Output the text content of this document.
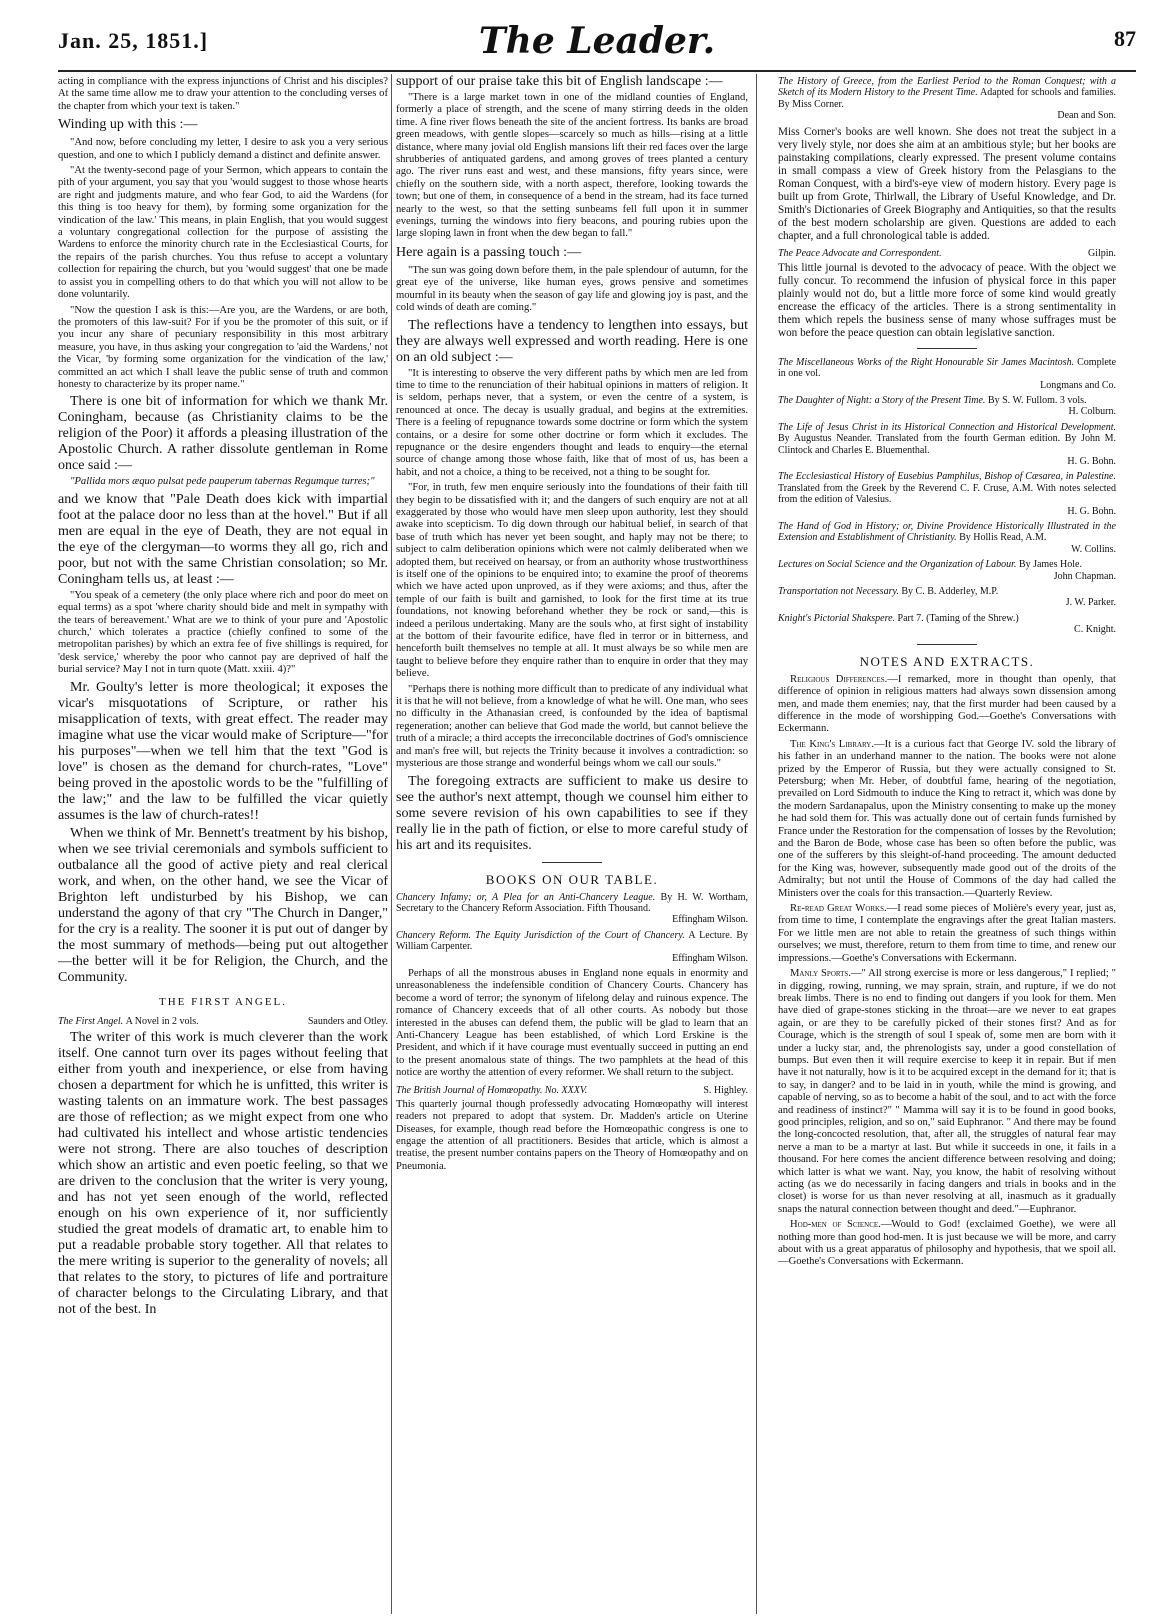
Jan. 25, 1851.]	The Leader.	87

acting in compliance with the express injunctions of Christ and his disciples? At the same time allow me to draw your attention to the concluding verses of the chapter from which your text is taken."

Winding up with this :—

"And now, before concluding my letter, I desire to ask you a very serious question, and one to which I publicly demand a distinct and definite answer.

"At the twenty-second page of your Sermon, which appears to contain the pith of your argument, you say that you 'would suggest to those whose hearts are right and judgments mature, and who fear God, to aid the Wardens (for this thing is too heavy for them), by forming some organization for the vindication of the law.' This means, in plain English, that you would suggest a voluntary congregational collection for the purpose of assisting the Wardens to enforce the minority church rate in the Ecclesiastical Courts, for the repairs of the parish churches. You thus refuse to accept a voluntary collection for repairing the church, but you 'would suggest' that one be made to assist you in compelling others to do that which you will not allow to be done voluntarily.

"Now the question I ask is this:—Are you, are the Wardens, or are both, the promoters of this law-suit? For if you be the promoter of this suit, or if you incur any share of pecuniary responsibility in this most arbitrary measure, you have, in thus asking your congregation to 'aid the Wardens,' not the Vicar, 'by forming some organization for the vindication of the law,' committed an act which I shall leave the public sense of truth and common honesty to characterize by its proper name."

There is one bit of information for which we thank Mr. Coningham, because (as Christianity claims to be the religion of the Poor) it affords a pleasing illustration of the Apostolic Church. A rather dissolute gentleman in Rome once said :—

"Pallida mors æquo pulsat pede pauperum tabernas Regumque turres;"

and we know that "Pale Death does kick with impartial foot at the palace door no less than at the hovel." But if all men are equal in the eye of Death, they are not equal in the eye of the clergyman—to worms they all go, rich and poor, but not with the same Christian consolation; so Mr. Coningham tells us, at least :—

"You speak of a cemetery (the only place where rich and poor do meet on equal terms) as a spot 'where charity should bide and melt in sympathy with the tears of bereavement.' What are we to think of your pure and 'Apostolic church,' which tolerates a practice (chiefly confined to some of the metropolitan parishes) by which an extra fee of five shillings is required, for 'desk service,' whereby the poor who cannot pay are deprived of half the burial service? May I not in turn quote (Matt. xxiii. 4)?"

Mr. Goulty's letter is more theological; it exposes the vicar's misquotations of Scripture, or rather his misapplication of texts, with great effect. The reader may imagine what use the vicar would make of Scripture—"for his purposes"—when we tell him that the text "God is love" is chosen as the demand for church-rates, "Love" being proved in the apostolic words to be the "fulfilling of the law;" and the law to be fulfilled the vicar quietly assumes is the law of church-rates!!

When we think of Mr. Bennett's treatment by his bishop, when we see trivial ceremonials and symbols sufficient to outbalance all the good of active piety and real clerical work, and when, on the other hand, we see the Vicar of Brighton left undisturbed by his Bishop, we can understand the agony of that cry "The Church in Danger," for the cry is a reality. The sooner it is put out of danger by the most summary of methods—being put out altogether—the better will it be for Religion, the Church, and the Community.

THE FIRST ANGEL.
The First Angel. A Novel in 2 vols.	Saunders and Otley.

The writer of this work is much cleverer than the work itself. One cannot turn over its pages without feeling that either from youth and inexperience, or else from having chosen a department for which he is unfitted, this writer is wasting talents on an immature work. The best passages are those of reflection; as we might expect from one who had cultivated his intellect and whose artistic tendencies were not strong. There are also touches of description which show an artistic and even poetic feeling, so that we are driven to the conclusion that the writer is very young, and has not yet seen enough of the world, reflected enough on his own experience of it, nor sufficiently studied the great models of dramatic art, to enable him to put a readable probable story together. All that relates to the mere writing is superior to the generality of novels; all that relates to the story, to pictures of life and portraiture of character belongs to the Circulating Library, and that not of the best. In

support of our praise take this bit of English landscape :—

"There is a large market town in one of the midland counties of England, formerly a place of strength, and the scene of many stirring deeds in the olden time. A fine river flows beneath the site of the ancient fortress. Its banks are broad green meadows, with gentle slopes—scarcely so much as hills—rising at a little distance, where many jovial old English mansions lift their red faces over the large shrubberies of antiquated gardens, and among groves of trees planted a century ago. The river runs east and west, and these mansions, fifty years since, were chiefly on the southern side, with a north aspect, therefore, looking towards the town; but one of them, in consequence of a bend in the stream, had its face turned nearly to the west, so that the setting sunbeams fell full upon it in summer evenings, turning the windows into fiery beacons, and pouring rubies upon the large sloping lawn in front when the dew began to fall."

Here again is a passing touch :—

"The sun was going down before them, in the pale splendour of autumn, for the great eye of the universe, like human eyes, grows pensive and sometimes mournful in its beauty when the season of gay life and glowing joy is past, and the cold winds of death are coming."

The reflections have a tendency to lengthen into essays, but they are always well expressed and worth reading. Here is one on an old subject :—

"It is interesting to observe the very different paths by which men are led from time to time to the renunciation of their habitual opinions in matters of religion. It is seldom, perhaps never, that a system, or even the centre of a system, is renounced at once. The decay is usually gradual, and begins at the extremities. There is a feeling of repugnance towards some doctrine or form which the system contains, or a desire for some other doctrine or form which it excludes. The repugnance or the desire engenders thought and leads to enquiry—the eternal source of change among those whose faith, like that of most of us, has been a habit, and not a choice, a thing to be received, not a thing to be sought for.

"For, in truth, few men enquire seriously into the foundations of their faith till they begin to be dissatisfied with it; and the dangers of such enquiry are not at all exaggerated by those who would have men sleep upon authority, lest they should awake into scepticism. To dig down through our habitual belief, in search of that base of truth which has never yet been sought, and haply may not be there; to subject to calm deliberation opinions which were not calmly deliberated when we adopted them, but received on hearsay, or from an authority whose trustworthiness is itself one of the opinions to be enquired into; to examine the proof of theorems which we have acted upon unproved, as if they were axioms; and thus, after the temple of our faith is built and garnished, to look for the first time at its true foundations, not knowing beforehand whether they be rock or sand,—this is indeed a perilous undertaking. Many are the souls who, at first sight of instability at the bottom of their favourite edifice, have fled in terror or in bitterness, and henceforth built themselves no temple at all. It must always be so while men are taught to believe before they enquire rather than to enquire in order that they may believe.

"Perhaps there is nothing more difficult than to predicate of any individual what it is that he will not believe, from a knowledge of what he will. One man, who sees no difficulty in the Athanasian creed, is confounded by the idea of baptismal regeneration; another can believe that God made the world, but cannot believe the truth of a miracle; a third accepts the irreconcilable doctrines of God's omniscience and man's free will, but rejects the Trinity because it involves a contradiction: so mysterious are those strange and wonderful beings whom we call our souls."

The foregoing extracts are sufficient to make us desire to see the author's next attempt, though we counsel him either to some severe revision of his own capabilities to see if they really lie in the path of fiction, or else to more careful study of his art and its requisites.

BOOKS ON OUR TABLE.
Chancery Infamy; or, A Plea for an Anti-Chancery League. By H. W. Wortham, Secretary to the Chancery Reform Association. Fifth Thousand.
Effingham Wilson.
Chancery Reform. The Equity Jurisdiction of the Court of Chancery. A Lecture. By William Carpenter.
Effingham Wilson.

Perhaps of all the monstrous abuses in England none equals in enormity and unreasonableness the indefensible condition of Chancery Courts. Chancery has become a word of terror; the synonym of lifelong delay and ruinous expence. The romance of Chancery exceeds that of all other courts. As nobody but those interested in the abuses can defend them, the public will be glad to learn that an Anti-Chancery League has been established, of which Lord Erskine is the President, and which if it have courage must eventually succeed in putting an end to the present anomalous state of things. The two pamphlets at the head of this notice are worthy the attention of every reformer. We shall return to the subject.

The British Journal of Homœopathy. No. XXXV.	S. Highley.

This quarterly journal though professedly advocating Homœopathy will interest readers not prepared to adopt that system. Dr. Madden's article on Uterine Diseases, for example, though read before the Homœopathic congress is one to engage the attention of all practitioners. Besides that article, which is almost a treatise, the present number contains papers on the Theory of Homœopathy and on Pneumonia.

The History of Greece, from the Earliest Period to the Roman Conquest; with a Sketch of its Modern History to the Present Time. Adapted for schools and families. By Miss Corner.
Dean and Son.

Miss Corner's books are well known. She does not treat the subject in a very lively style, nor does she aim at an ambitious style; but her books are painstaking compilations, clearly expressed. The present volume contains in small compass a view of Greek history from the Pelasgians to the Roman Conquest, with a bird's-eye view of modern history. Every page is built up from Grote, Thirlwall, the Library of Useful Knowledge, and Dr. Smith's Dictionaries of Greek Biography and Antiquities, so that the results of the best modern scholarship are given. Questions are added to each chapter, and a full chronological table is added.

The Peace Advocate and Correspondent.	Gilpin.

This little journal is devoted to the advocacy of peace. With the object we fully concur. To recommend the infusion of physical force in this paper plainly would not do, but a little more force of some kind would greatly encrease the efficacy of the articles. There is a strong sentimentality in them which repels the business sense of many whose suffrages must be won before the peace question can obtain legislative sanction.

The Miscellaneous Works of the Right Honourable Sir James Macintosh. Complete in one vol.
Longmans and Co.
The Daughter of Night: a Story of the Present Time. By S. W. Fullom. 3 vols.
H. Colburn.
The Life of Jesus Christ in its Historical Connection and Historical Development. By Augustus Neander. Translated from the fourth German edition. By John M. Clintock and Charles E. Bluementhal.
H. G. Bohn.
The Ecclesiastical History of Eusebius Pamphilus, Bishop of Cæsarea, in Palestine. Translated from the Greek by the Reverend C. F. Cruse, A.M. With notes selected from the edition of Valesius.
H. G. Bohn.
The Hand of God in History; or, Divine Providence Historically Illustrated in the Extension and Establishment of Christianity. By Hollis Read, A.M.
W. Collins.
Lectures on Social Science and the Organization of Labour. By James Hole.
John Chapman.
Transportation not Necessary. By C. B. Adderley, M.P.
J. W. Parker.
Knight's Pictorial Shakspere. Part 7. (Taming of the Shrew.)
C. Knight.
NOTES AND EXTRACTS.

Religious Differences.—I remarked, more in thought than openly, that difference of opinion in religious matters had always sown dissension among men, and made them enemies; nay, that the first murder had been caused by a difference in the mode of worshipping God.—Goethe's Conversations with Eckermann.

The King's Library.—It is a curious fact that George IV. sold the library of his father in an underhand manner to the nation. The books were not alone prized by the Emperor of Russia, but they were actually consigned to St. Petersburg; when Mr. Heber, of doubtful fame, hearing of the negotiation, prevailed on Lord Sidmouth to induce the King to retract it, which was done by the modern Sardanapalus, upon the Ministry consenting to make up the money he had sold them for. This was actually done out of certain funds furnished by France under the Restoration for the compensation of losses by the Revolution; and the Baron de Bode, whose case has been so often before the public, was one of the sufferers by this sleight-of-hand proceeding. The amount deducted for the King was, however, subsequently made good out of the droits of the Admiralty; but not until the House of Commons of the day had called the Ministers over the coals for this transaction.—Quarterly Review.

Re-read Great Works.—I read some pieces of Molière's every year, just as, from time to time, I contemplate the engravings after the great Italian masters. For we little men are not able to retain the greatness of such things within ourselves; we must, therefore, return to them from time to time, and renew our impressions.—Goethe's Conversations with Eckermann.

Manly Sports.—" All strong exercise is more or less dangerous," I replied; " in digging, rowing, running, we may sprain, strain, and rupture, if we do not break limbs. There is no end to finding out dangers if you look for them. Men have died of grape-stones sticking in the throat—are we never to eat grapes again, or are they to be carefully picked of their stones first? And as for Courage, which is the strength of soul I speak of, some men are born with it under a lucky star, and, the phrenologists say, under a good constellation of bumps. But even then it will require exercise to keep it in repair. But if men have it not naturally, how is it to be acquired except in the demand for it; that is to say, in danger? and to be laid in in youth, while the mind is growing, and capable of nerving, so as to become a habit of the soul, and to act with the force and readiness of instinct?" " Mamma will say it is to be found in good books, good principles, religion, and so on," said Euphranor. " And there may be found the long-concocted resolution, that, after all, the struggles of natural fear may nerve a man to be a martyr at last. But while it succeeds in one, it fails in a thousand. For here comes the ancient difference between resolving and doing; which latter is what we want. Nay, you know, the habit of resolving without acting (as we do necessarily in facing dangers and trials in books and in the closet) is worse for us than never resolving at all, inasmuch as it gradually snaps the natural connection between thought and deed."—Euphranor.

Hod-men of Science.—Would to God! (exclaimed Goethe), we were all nothing more than good hod-men. It is just because we will be more, and carry about with us a great apparatus of philosophy and hypothesis, that we spoil all.—Goethe's Conversations with Eckermann.
